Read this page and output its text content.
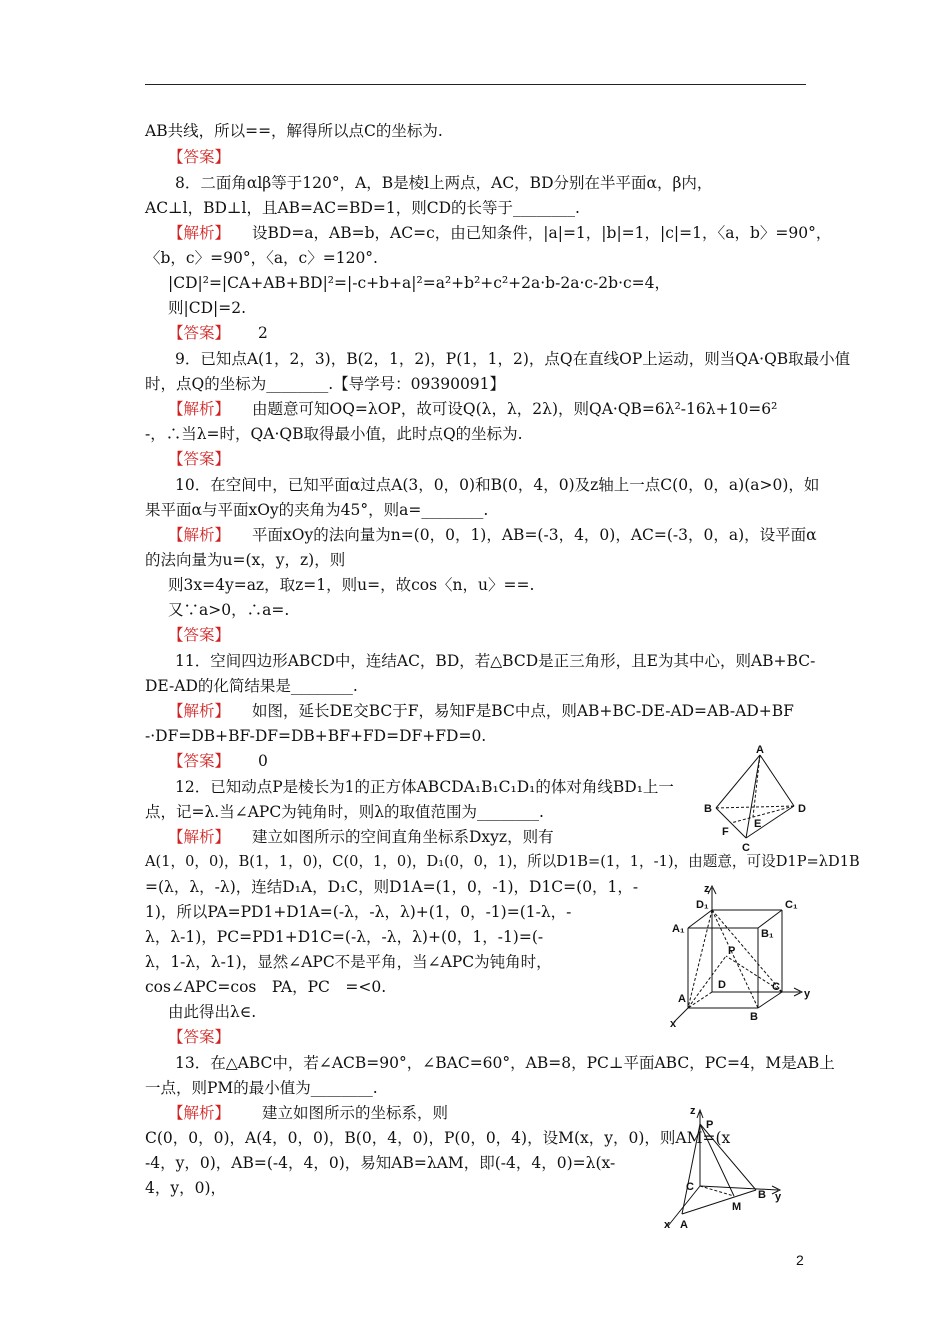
AB共线，所以==，解得所以点C的坐标为.
【答案】
8．二面角αlβ等于120°，A，B是棱l上两点，AC，BD分别在半平面α，β内，
AC⊥l，BD⊥l，且AB=AC=BD=1，则CD的长等于________.
【解析】 设BD=a，AB=b，AC=c，由已知条件，|a|=1，|b|=1，|c|=1，〈a，b〉=90°，
〈b，c〉=90°，〈a，c〉=120°.
|CD|²=|CA+AB+BD|²=|-c+b+a|²=a²+b²+c²+2a·b-2a·c-2b·c=4，
则|CD|=2.
【答案】 2
9．已知点A(1，2，3)，B(2，1，2)，P(1，1，2)，点Q在直线OP上运动，则当QA·QB取最小值
时，点Q的坐标为________.【导学号：09390091】
【解析】 由题意可知OQ=λOP，故可设Q(λ，λ，2λ)，则QA·QB=6λ²-16λ+10=6²
-，∴当λ=时，QA·QB取得最小值，此时点Q的坐标为.
【答案】
10．在空间中，已知平面α过点A(3，0，0)和B(0，4，0)及z轴上一点C(0，0，a)(a>0)，如
果平面α与平面xOy的夹角为45°，则a=________.
【解析】 平面xOy的法向量为n=(0，0，1)，AB=(-3，4，0)，AC=(-3，0，a)，设平面α
的法向量为u=(x，y，z)，则
则3x=4y=az，取z=1，则u=，故cos〈n，u〉==.
又∵a>0，∴a=.
【答案】
11．空间四边形ABCD中，连结AC，BD，若△BCD是正三角形，且E为其中心，则AB+BC-
DE-AD的化简结果是________.
【解析】 如图，延长DE交BC于F，易知F是BC中点，则AB+BC-DE-AD=AB-AD+BF
-·DF=DB+BF-DF=DB+BF+FD=DF+FD=0.
【答案】 0
12．已知动点P是棱长为1的正方体ABCDA₁B₁C₁D₁的体对角线BD₁上一
点，记=λ.当∠APC为钝角时，则λ的取值范围为________.
【解析】 建立如图所示的空间直角坐标系Dxyz，则有
A(1，0，0)，B(1，1，0)，C(0，1，0)，D₁(0，0，1)，所以D1B=(1，1，-1)，由题意，可设D1P=λD1B
=(λ，λ，-λ)，连结D₁A，D₁C，则D1A=(1，0，-1)，D1C=(0，1，-
1)，所以PA=PD1+D1A=(-λ，-λ，λ)+(1，0，-1)=(1-λ，-
λ，λ-1)，PC=PD1+D1C=(-λ，-λ，λ)+(0，1，-1)=(-
λ，1-λ，λ-1)，显然∠APC不是平角，当∠APC为钝角时，
cos∠APC=cos　PA，PC　=<0.
由此得出λ∈.
【答案】
13．在△ABC中，若∠ACB=90°，∠BAC=60°，AB=8，PC⊥平面ABC，PC=4，M是AB上
一点，则PM的最小值为________.
【解析】 建立如图所示的坐标系，则
C(0，0，0)，A(4，0，0)，B(0，4，0)，P(0，0，4)，设M(x，y，0)，则AM=(x
-4，y，0)，AB=(-4，4，0)，易知AB=λAM，即(-4，4，0)=λ(x-
4，y，0)，
2
A
B
C
D
E
F
z
D₁	C₁
A₁	B₁
P
D	C
y
A
B
x
z
P
C
B y
M
x A
